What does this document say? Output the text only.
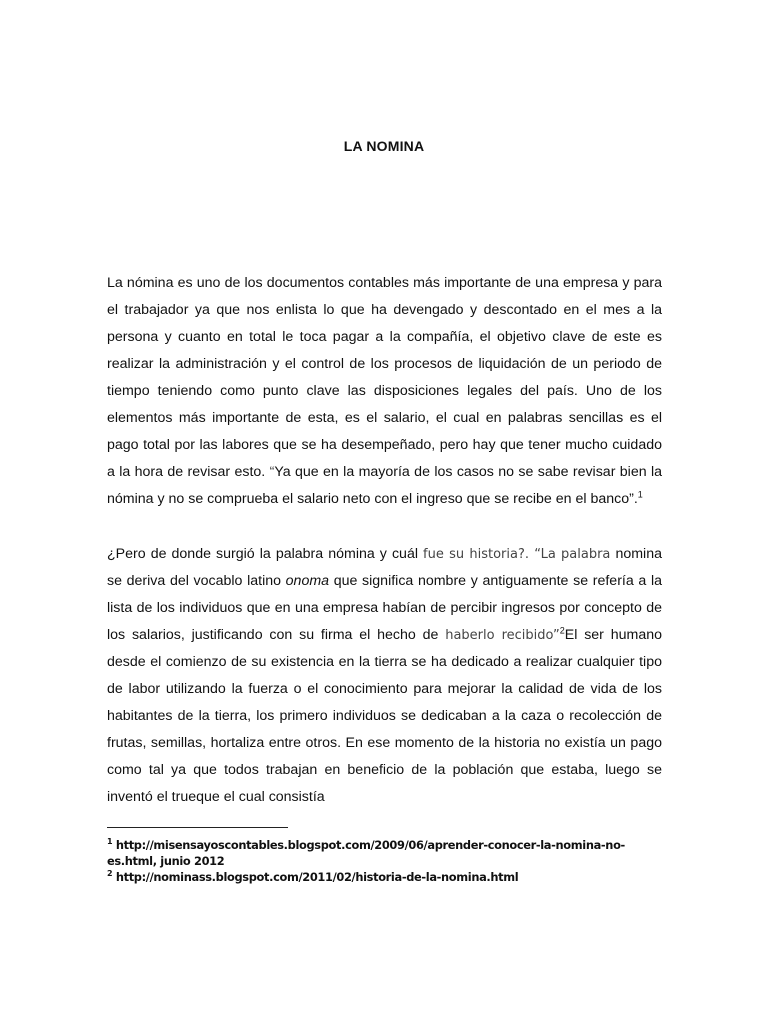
LA NOMINA

La nómina es uno de los documentos contables más importante de una empresa y para el trabajador ya que nos enlista lo que ha devengado y descontado en el mes a la persona y cuanto en total le toca pagar a la compañía, el objetivo clave de este es realizar la administración y el control de los procesos de liquidación de un periodo de tiempo teniendo como punto clave las disposiciones legales del país. Uno de los elementos más importante de esta, es el salario, el cual en palabras sencillas es el pago total por las labores que se ha desempeñado, pero hay que tener mucho cuidado a la hora de revisar esto. “Ya que en la mayoría de los casos no se sabe revisar bien la nómina y no se comprueba el salario neto con el ingreso que se recibe en el banco”.$^1$

¿Pero de donde surgió la palabra nómina y cuál fue su historia?. “La palabra nomina se deriva del vocablo latino onoma que significa nombre y antiguamente se refería a la lista de los individuos que en una empresa habían de percibir ingresos por concepto de los salarios, justificando con su firma el hecho de haberlo recibido”$^2$El ser humano desde el comienzo de su existencia en la tierra se ha dedicado a realizar cualquier tipo de labor utilizando la fuerza o el conocimiento para mejorar la calidad de vida de los habitantes de la tierra, los primero individuos se dedicaban a la caza o recolección de frutas, semillas, hortaliza entre otros. En ese momento de la historia no existía un pago como tal ya que todos trabajan en beneficio de la población que estaba, luego se inventó el trueque el cual consistía

$^1$ http://misensayoscontables.blogspot.com/2009/06/aprender-conocer-la-nomina-no-es.html, junio 2012
$^2$ http://nominass.blogspot.com/2011/02/historia-de-la-nomina.html
